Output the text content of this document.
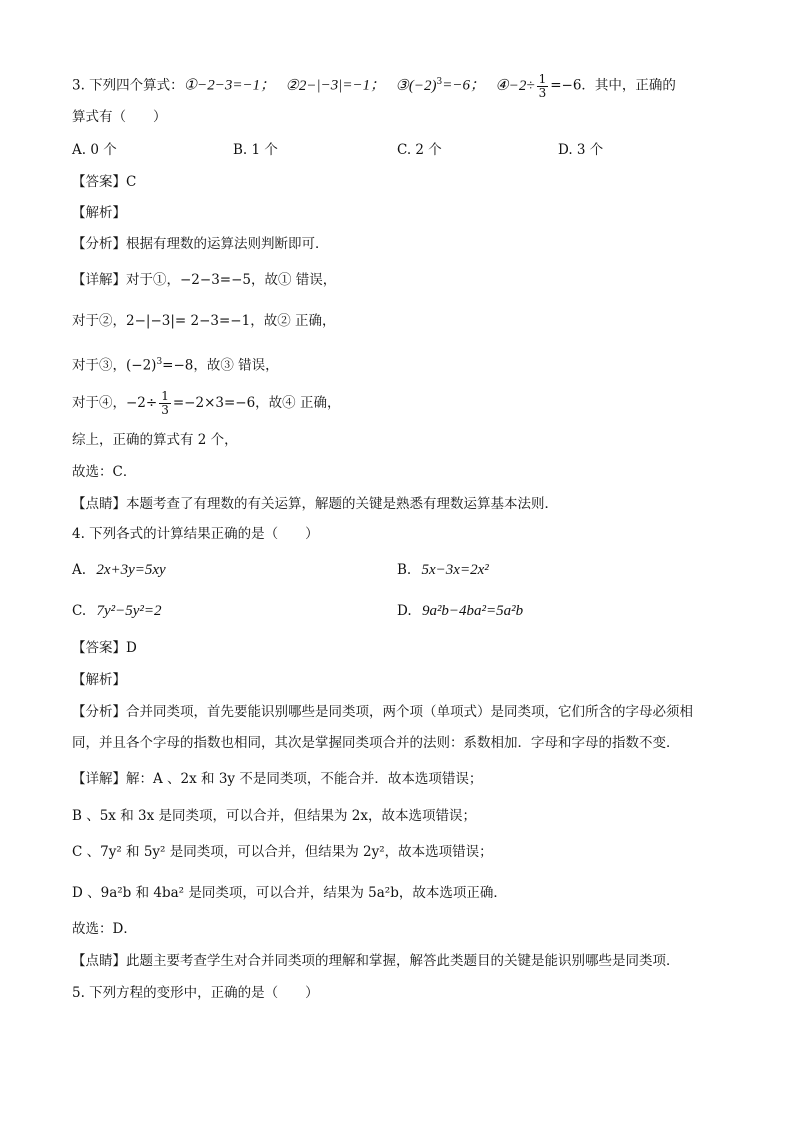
3. 下列四个算式：①−2−3=−1； ②2−|−3|=−1； $③(-2)^3=-6$； ④−2÷ $\frac{1}{3} =-6$．其中，正确的
算式有（　　）
A. 0 个	B. 1 个	C. 2 个	D. 3 个
【答案】C
【解析】
【分析】根据有理数的运算法则判断即可．
【详解】对于①，−2−3=−5，故① 错误，
对于②，2−|−3|= 2−3=−1，故② 正确，
对于③，$(-2)^3=-8$，故③ 错误，
对于④，$-2\div \frac{1}{3} =-2\times 3=-6$，故④ 正确，
综上，正确的算式有 2 个，
故选：C．
【点睛】本题考查了有理数的有关运算，解题的关键是熟悉有理数运算基本法则．
4. 下列各式的计算结果正确的是（　　）
A. 2x+3y=5xy	B. 5x−3x=2x²
C. 7y²−5y²=2	D. 9a²b−4ba²=5a²b
【答案】D
【解析】
【分析】合并同类项，首先要能识别哪些是同类项，两个项（单项式）是同类项，它们所含的字母必须相
同，并且各个字母的指数也相同，其次是掌握同类项合并的法则：系数相加．字母和字母的指数不变．
【详解】解：A 、2x 和 3y 不是同类项，不能合并．故本选项错误；
B 、5x 和 3x 是同类项，可以合并，但结果为 2x，故本选项错误；
C 、7y² 和 5y² 是同类项，可以合并，但结果为 2y²，故本选项错误；
D 、9a²b 和 4ba² 是同类项，可以合并，结果为 5a²b，故本选项正确．
故选：D．
【点睛】此题主要考查学生对合并同类项的理解和掌握，解答此类题目的关键是能识别哪些是同类项．
5. 下列方程的变形中，正确的是（　　）
